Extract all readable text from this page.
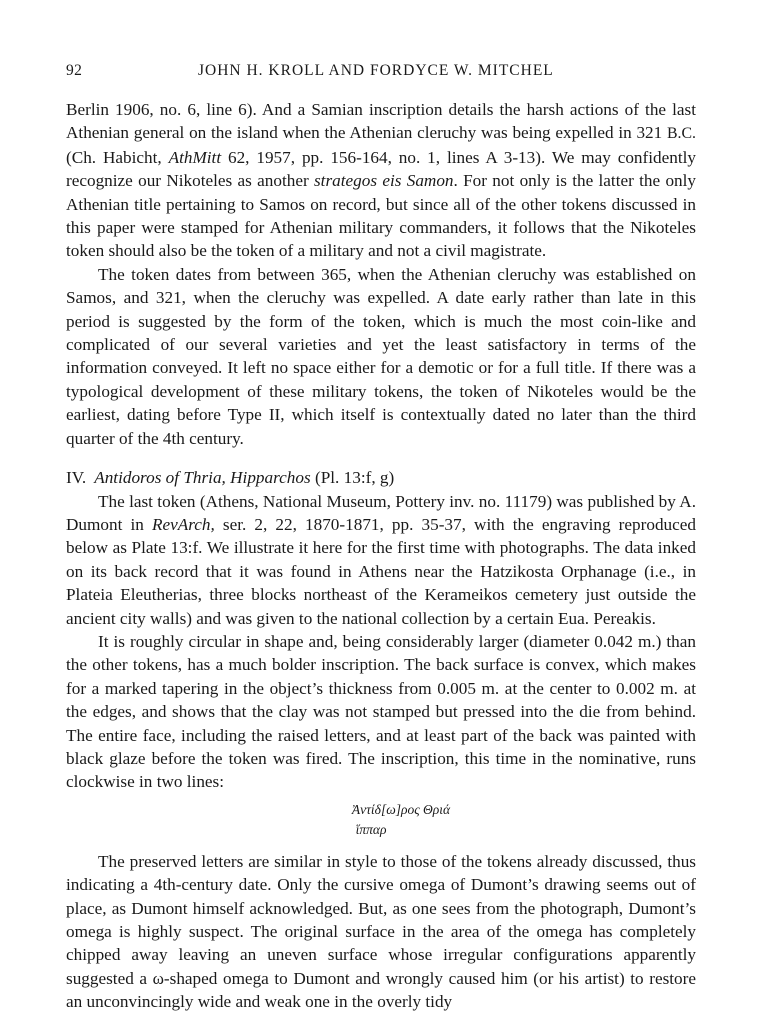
92	JOHN H. KROLL AND FORDYCE W. MITCHEL

Berlin 1906, no. 6, line 6). And a Samian inscription details the harsh actions of the last Athenian general on the island when the Athenian cleruchy was being expelled in 321 B.C. (Ch. Habicht, AthMitt 62, 1957, pp. 156-164, no. 1, lines A 3-13). We may confidently recognize our Nikoteles as another strategos eis Samon. For not only is the latter the only Athenian title pertaining to Samos on record, but since all of the other tokens discussed in this paper were stamped for Athenian military commanders, it follows that the Nikoteles token should also be the token of a military and not a civil magistrate.

The token dates from between 365, when the Athenian cleruchy was established on Samos, and 321, when the cleruchy was expelled. A date early rather than late in this period is suggested by the form of the token, which is much the most coin-like and complicated of our several varieties and yet the least satisfactory in terms of the information conveyed. It left no space either for a demotic or for a full title. If there was a typological development of these military tokens, the token of Nikoteles would be the earliest, dating before Type II, which itself is contextually dated no later than the third quarter of the 4th century.

IV. Antidoros of Thria, Hipparchos (Pl. 13:f, g)

The last token (Athens, National Museum, Pottery inv. no. 11179) was published by A. Dumont in RevArch, ser. 2, 22, 1870-1871, pp. 35-37, with the engraving reproduced below as Plate 13:f. We illustrate it here for the first time with photographs. The data inked on its back record that it was found in Athens near the Hatzikosta Orphanage (i.e., in Plateia Eleutherias, three blocks northeast of the Kerameikos cemetery just outside the ancient city walls) and was given to the national collection by a certain Eua. Pereakis.

It is roughly circular in shape and, being considerably larger (diameter 0.042 m.) than the other tokens, has a much bolder inscription. The back surface is convex, which makes for a marked tapering in the object’s thickness from 0.005 m. at the center to 0.002 m. at the edges, and shows that the clay was not stamped but pressed into the die from behind. The entire face, including the raised letters, and at least part of the back was painted with black glaze before the token was fired. The inscription, this time in the nominative, runs clockwise in two lines:

Ἀντίδ[ω]ρος Θριά
ἵππαρ

The preserved letters are similar in style to those of the tokens already discussed, thus indicating a 4th-century date. Only the cursive omega of Dumont’s drawing seems out of place, as Dumont himself acknowledged. But, as one sees from the photograph, Dumont’s omega is highly suspect. The original surface in the area of the omega has completely chipped away leaving an uneven surface whose irregular configurations apparently suggested a ω-shaped omega to Dumont and wrongly caused him (or his artist) to restore an unconvincingly wide and weak one in the overly tidy
